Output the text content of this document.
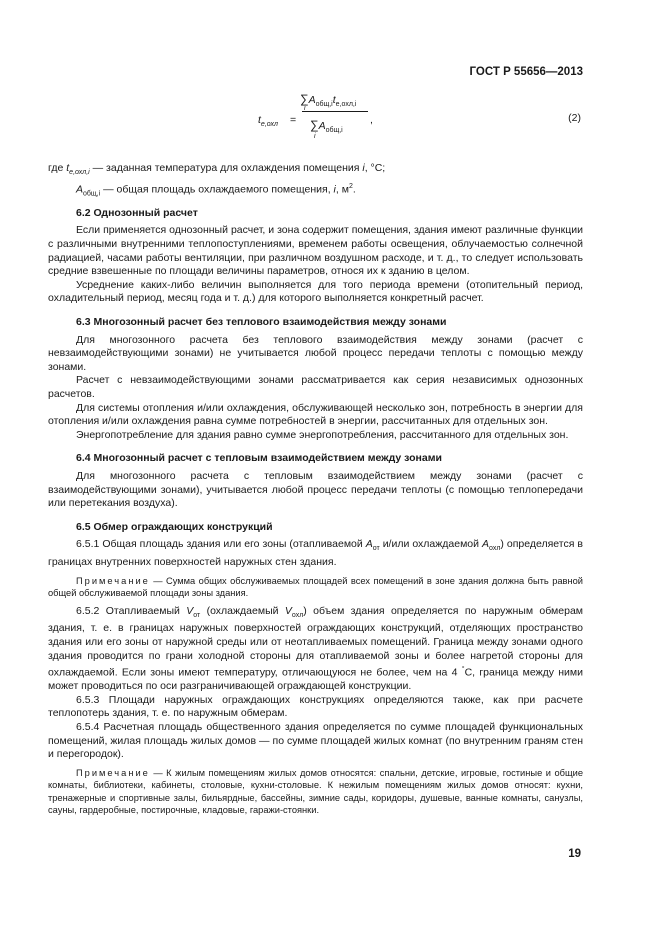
ГОСТ Р 55656—2013
$t_{e,охл}$ =
$\sum A_{общ,i}t_{e,охл,i}$
i
$\sum A_{общ,i}$
i
,	(2)

где $t_{e,охл,i}$ — заданная температура для охлаждения помещения i, °С;

$A_{общ,i}$ — общая площадь охлаждаемого помещения, i, $м^2$.

6.2 Однозонный расчет

Если применяется однозонный расчет, и зона содержит помещения, здания имеют различные функции с различными внутренними теплопоступлениями, временем работы освещения, облучаемостью солнечной радиацией, часами работы вентиляции, при различном воздушном расходе, и т. д., то следует использовать средние взвешенные по площади величины параметров, относя их к зданию в целом.

Усреднение каких-либо величин выполняется для того периода времени (отопительный период, охладительный период, месяц года и т. д.) для которого выполняется конкретный расчет.

6.3 Многозонный расчет без теплового взаимодействия между зонами

Для многозонного расчета без теплового взаимодействия между зонами (расчет с невзаимодействующими зонами) не учитывается любой процесс передачи теплоты с помощью между зонами.

Расчет с невзаимодействующими зонами рассматривается как серия независимых однозонных расчетов.

Для системы отопления и/или охлаждения, обслуживающей несколько зон, потребность в энергии для отопления и/или охлаждения равна сумме потребностей в энергии, рассчитанных для отдельных зон.

Энергопотребление для здания равно сумме энергопотребления, рассчитанного для отдельных зон.

6.4 Многозонный расчет с тепловым взаимодействием между зонами

Для многозонного расчета с тепловым взаимодействием между зонами (расчет с взаимодействующими зонами), учитывается любой процесс передачи теплоты (с помощью теплопередачи или перетекания воздуха).

6.5 Обмер ограждающих конструкций

6.5.1 Общая площадь здания или его зоны (отапливаемой $A_{от}$ и/или охлаждаемой $A_{охл}$) определяется в границах внутренних поверхностей наружных стен здания.

Примечание — Сумма общих обслуживаемых площадей всех помещений в зоне здания должна быть равной общей обслуживаемой площади зоны здания.

6.5.2 Отапливаемый $V_{от}$ (охлаждаемый $V_{охл}$) объем здания определяется по наружным обмерам здания, т. е. в границах наружных поверхностей ограждающих конструкций, отделяющих пространство здания или его зоны от наружной среды или от неотапливаемых помещений. Граница между зонами одного здания проводится по грани холодной стороны для отапливаемой зоны и более нагретой стороны для охлаждаемой. Если зоны имеют температуру, отличающуюся не более, чем на 4 °С, граница между ними может проводиться по оси разграничивающей ограждающей конструкции.

6.5.3 Площади наружных ограждающих конструкциях определяются также, как при расчете теплопотерь здания, т. е. по наружным обмерам.

6.5.4 Расчетная площадь общественного здания определяется по сумме площадей функциональных помещений, жилая площадь жилых домов — по сумме площадей жилых комнат (по внутренним граням стен и перегородок).

Примечание — К жилым помещениям жилых домов относятся: спальни, детские, игровые, гостиные и общие комнаты, библиотеки, кабинеты, столовые, кухни-столовые. К нежилым помещениям жилых домов относят: кухни, тренажерные и спортивные залы, бильярдные, бассейны, зимние сады, коридоры, душевые, ванные комнаты, санузлы, сауны, гардеробные, постирочные, кладовые, гаражи-стоянки.

19
